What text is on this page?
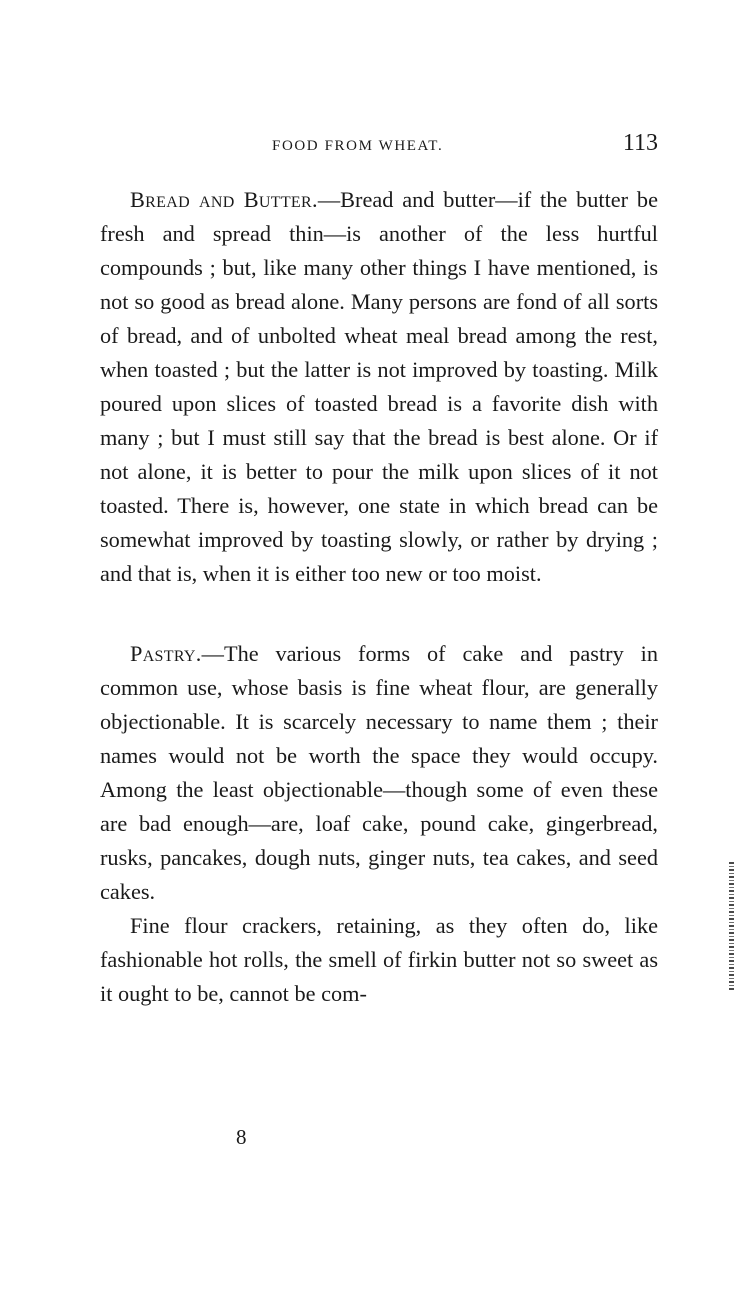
FOOD FROM WHEAT.	113

Bread and Butter.—Bread and butter—if the butter be fresh and spread thin—is another of the less hurtful compounds ; but, like many other things I have mentioned, is not so good as bread alone. Many persons are fond of all sorts of bread, and of unbolted wheat meal bread among the rest, when toasted ; but the latter is not improved by toasting. Milk poured upon slices of toasted bread is a favorite dish with many ; but I must still say that the bread is best alone. Or if not alone, it is better to pour the milk upon slices of it not toasted. There is, however, one state in which bread can be somewhat improved by toasting slowly, or rather by drying ; and that is, when it is either too new or too moist.

Pastry.—The various forms of cake and pastry in common use, whose basis is fine wheat flour, are generally objectionable. It is scarcely necessary to name them ; their names would not be worth the space they would occupy. Among the least objectionable—though some of even these are bad enough—are, loaf cake, pound cake, gingerbread, rusks, pancakes, dough nuts, ginger nuts, tea cakes, and seed cakes.

Fine flour crackers, retaining, as they often do, like fashionable hot rolls, the smell of firkin butter not so sweet as it ought to be, cannot be com-

8
